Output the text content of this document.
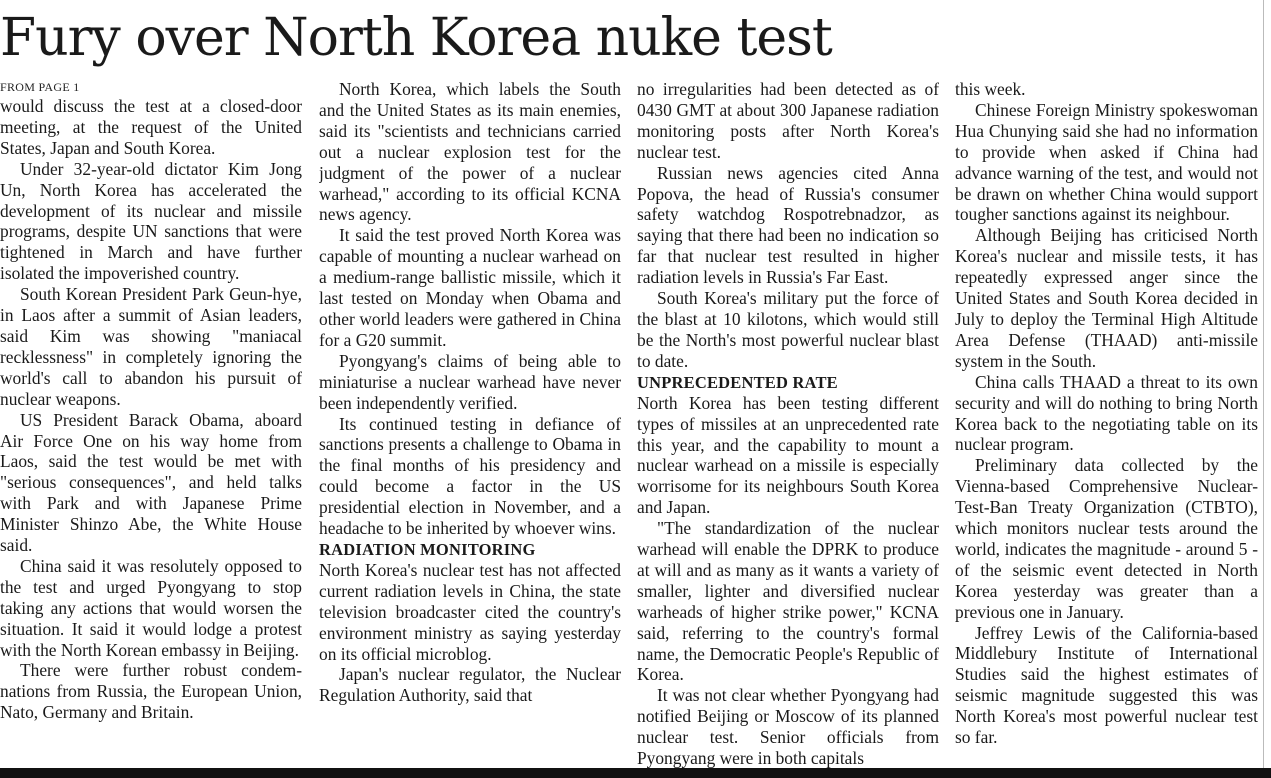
Fury over North Korea nuke test
FROM PAGE 1

would discuss the test at a closed-door meeting, at the request of the United States, Japan and South Korea.

Under 32-year-old dictator Kim Jong Un, North Korea has accelerated the development of its nuclear and missile programs, despite UN sanctions that were tightened in March and have further isolated the impoverished country.

South Korean President Park Geun-hye, in Laos after a summit of Asian leaders, said Kim was showing "maniacal recklessness" in completely ignoring the world's call to abandon his pursuit of nuclear weapons.

US President Barack Obama, aboard Air Force One on his way home from Laos, said the test would be met with "serious consequences", and held talks with Park and with Japanese Prime Minister Shinzo Abe, the White House said.

China said it was resolutely opposed to the test and urged Pyongyang to stop taking any actions that would worsen the situation. It said it would lodge a protest with the North Korean embassy in Beijing.

There were further robust condemnations from Russia, the European Union, Nato, Germany and Britain.

North Korea, which labels the South and the United States as its main enemies, said its "scientists and technicians carried out a nuclear explosion test for the judgment of the power of a nuclear warhead," according to its official KCNA news agency.

It said the test proved North Korea was capable of mounting a nuclear warhead on a medium-range ballistic missile, which it last tested on Monday when Obama and other world leaders were gathered in China for a G20 summit.

Pyongyang's claims of being able to miniaturise a nuclear warhead have never been independently verified.

Its continued testing in defiance of sanctions presents a challenge to Obama in the final months of his presidency and could become a factor in the US presidential election in November, and a headache to be inherited by whoever wins.

RADIATION MONITORING

North Korea's nuclear test has not affected current radiation levels in China, the state television broadcaster cited the country's environment ministry as saying yesterday on its official microblog.

Japan's nuclear regulator, the Nuclear Regulation Authority, said that

no irregularities had been detected as of 0430 GMT at about 300 Japanese radiation monitoring posts after North Korea's nuclear test.

Russian news agencies cited Anna Popova, the head of Russia's consumer safety watchdog Rospotrebnadzor, as saying that there had been no indication so far that nuclear test resulted in higher radiation levels in Russia's Far East.

South Korea's military put the force of the blast at 10 kilotons, which would still be the North's most powerful nuclear blast to date.

UNPRECEDENTED RATE

North Korea has been testing different types of missiles at an unprecedented rate this year, and the capability to mount a nuclear warhead on a missile is especially worrisome for its neighbours South Korea and Japan.

"The standardization of the nuclear warhead will enable the DPRK to produce at will and as many as it wants a variety of smaller, lighter and diversified nuclear warheads of higher strike power," KCNA said, referring to the country's formal name, the Democratic People's Republic of Korea.

It was not clear whether Pyongyang had notified Beijing or Moscow of its planned nuclear test. Senior officials from Pyongyang were in both capitals

this week.

Chinese Foreign Ministry spokeswoman Hua Chunying said she had no information to provide when asked if China had advance warning of the test, and would not be drawn on whether China would support tougher sanctions against its neighbour.

Although Beijing has criticised North Korea's nuclear and missile tests, it has repeatedly expressed anger since the United States and South Korea decided in July to deploy the Terminal High Altitude Area Defense (THAAD) anti-missile system in the South.

China calls THAAD a threat to its own security and will do nothing to bring North Korea back to the negotiating table on its nuclear program.

Preliminary data collected by the Vienna-based Comprehensive Nuclear-Test-Ban Treaty Organization (CTBTO), which monitors nuclear tests around the world, indicates the magnitude - around 5 - of the seismic event detected in North Korea yesterday was greater than a previous one in January.

Jeffrey Lewis of the California-based Middlebury Institute of International Studies said the highest estimates of seismic magnitude suggested this was North Korea's most powerful nuclear test so far.
